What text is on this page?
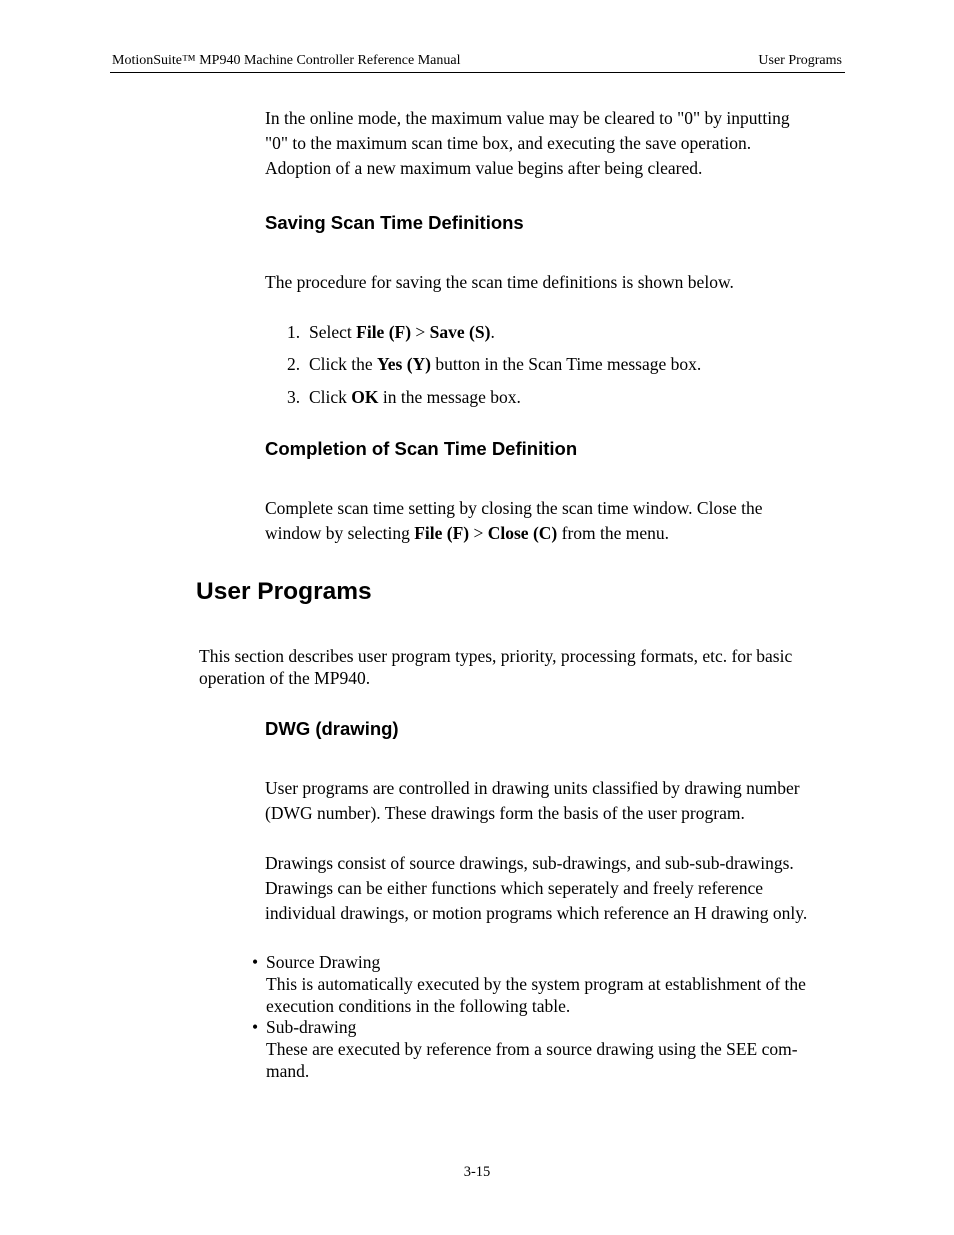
MotionSuite™ MP940 Machine Controller Reference Manual	User Programs
In the online mode, the maximum value may be cleared to "0" by inputting
"0" to the maximum scan time box, and executing the save operation.
Adoption of a new maximum value begins after being cleared.
Saving Scan Time Definitions
The procedure for saving the scan time definitions is shown below.
1. Select File (F) > Save (S).
2. Click the Yes (Y) button in the Scan Time message box.
3. Click OK in the message box.
Completion of Scan Time Definition
Complete scan time setting by closing the scan time window. Close the
window by selecting File (F) > Close (C) from the menu.
User Programs
This section describes user program types, priority, processing formats, etc. for basic
operation of the MP940.
DWG (drawing)
User programs are controlled in drawing units classified by drawing number
(DWG number). These drawings form the basis of the user program.
Drawings consist of source drawings, sub-drawings, and sub-sub-drawings.
Drawings can be either functions which seperately and freely reference
individual drawings, or motion programs which reference an H drawing only.
• Source Drawing
This is automatically executed by the system program at establishment of the
execution conditions in the following table.
• Sub-drawing
These are executed by reference from a source drawing using the SEE com-
mand.
3-15
